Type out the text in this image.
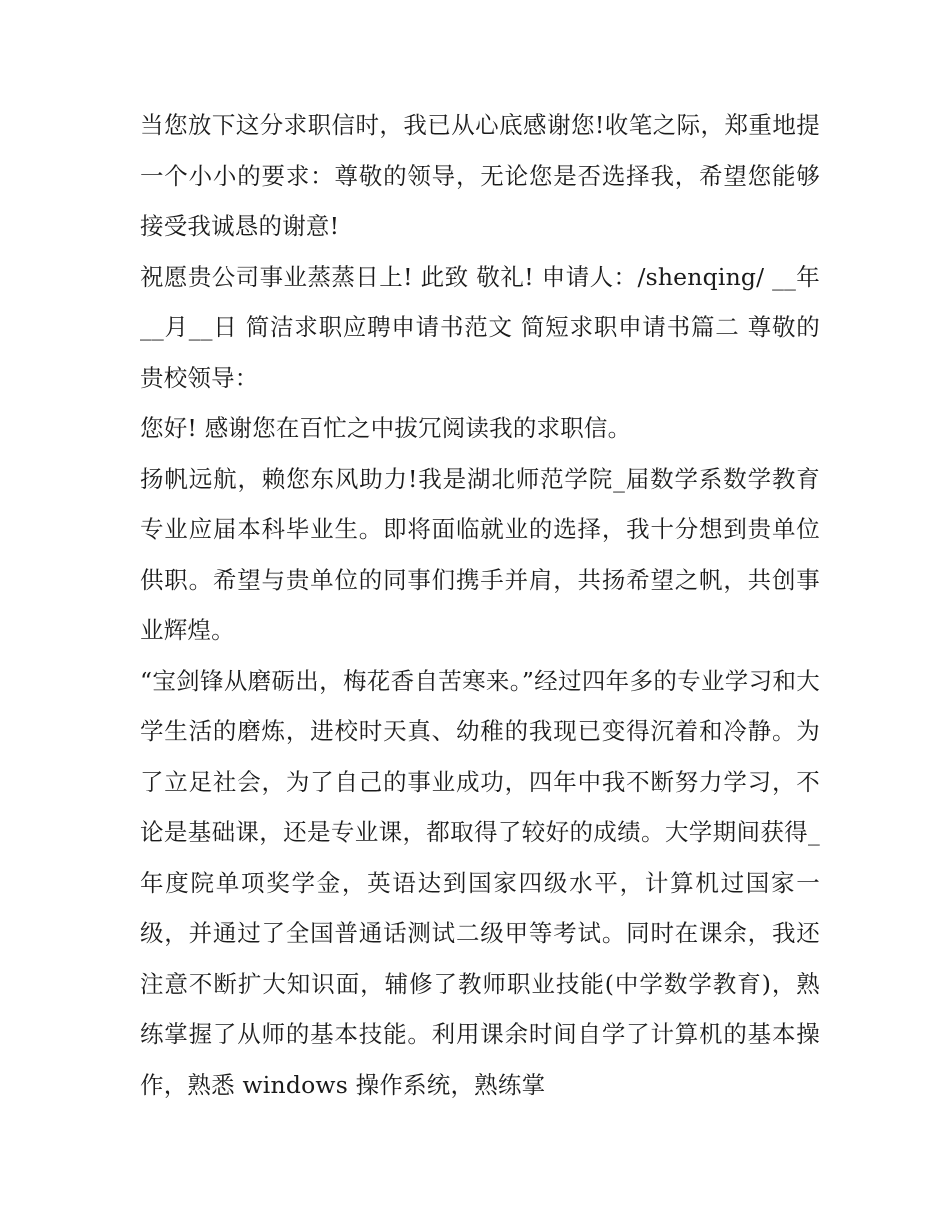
当您放下这分求职信时，我已从心底感谢您!收笔之际，郑重地提一个小小的要求：尊敬的领导，无论您是否选择我，希望您能够接受我诚恳的谢意!

祝愿贵公司事业蒸蒸日上! 此致 敬礼! 申请人：/shenqing/ __年__月__日 简洁求职应聘申请书范文 简短求职申请书篇二 尊敬的贵校领导：

您好! 感谢您在百忙之中拔冗阅读我的求职信。

扬帆远航，赖您东风助力!我是湖北师范学院_届数学系数学教育专业应届本科毕业生。即将面临就业的选择，我十分想到贵单位供职。希望与贵单位的同事们携手并肩，共扬希望之帆，共创事业辉煌。

“宝剑锋从磨砺出，梅花香自苦寒来。”经过四年多的专业学习和大学生活的磨炼，进校时天真、幼稚的我现已变得沉着和冷静。为了立足社会，为了自己的事业成功，四年中我不断努力学习，不论是基础课，还是专业课，都取得了较好的成绩。大学期间获得_年度院单项奖学金，英语达到国家四级水平，计算机过国家一级，并通过了全国普通话测试二级甲等考试。同时在课余，我还注意不断扩大知识面，辅修了教师职业技能(中学数学教育)，熟练掌握了从师的基本技能。利用课余时间自学了计算机的基本操作，熟悉 windows 操作系统，熟练掌
